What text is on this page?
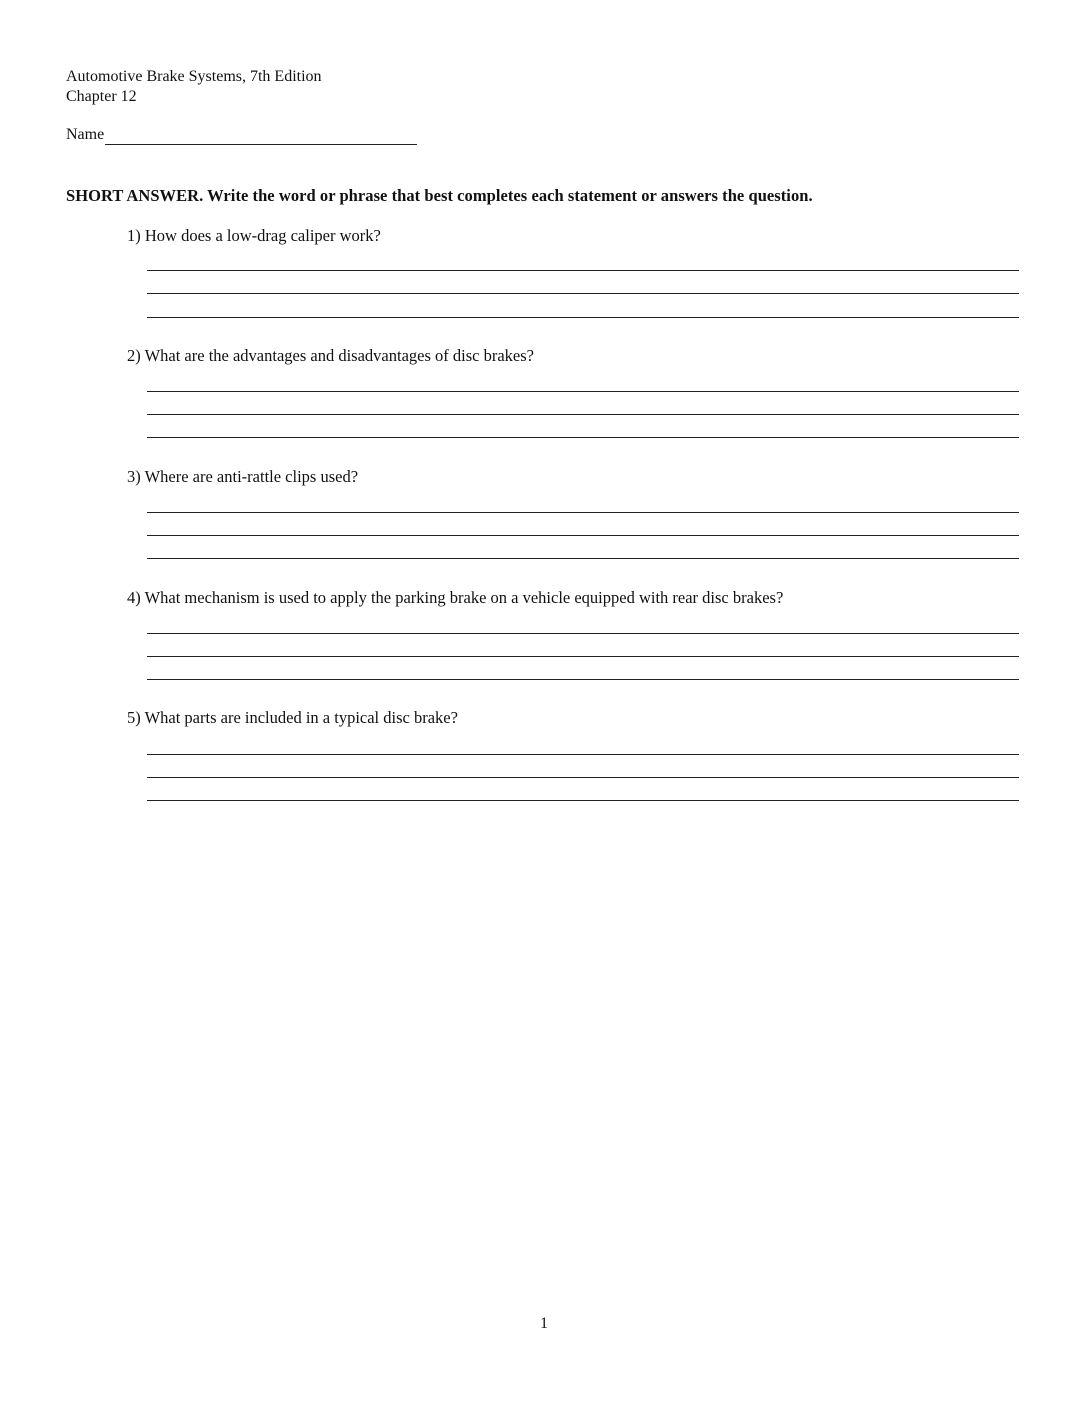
Automotive Brake Systems, 7th Edition
Chapter 12
Name
SHORT ANSWER. Write the word or phrase that best completes each statement or answers the question.
1) How does a low-drag caliper work?
2) What are the advantages and disadvantages of disc brakes?
3) Where are anti-rattle clips used?
4) What mechanism is used to apply the parking brake on a vehicle equipped with rear disc brakes?
5) What parts are included in a typical disc brake?
1
